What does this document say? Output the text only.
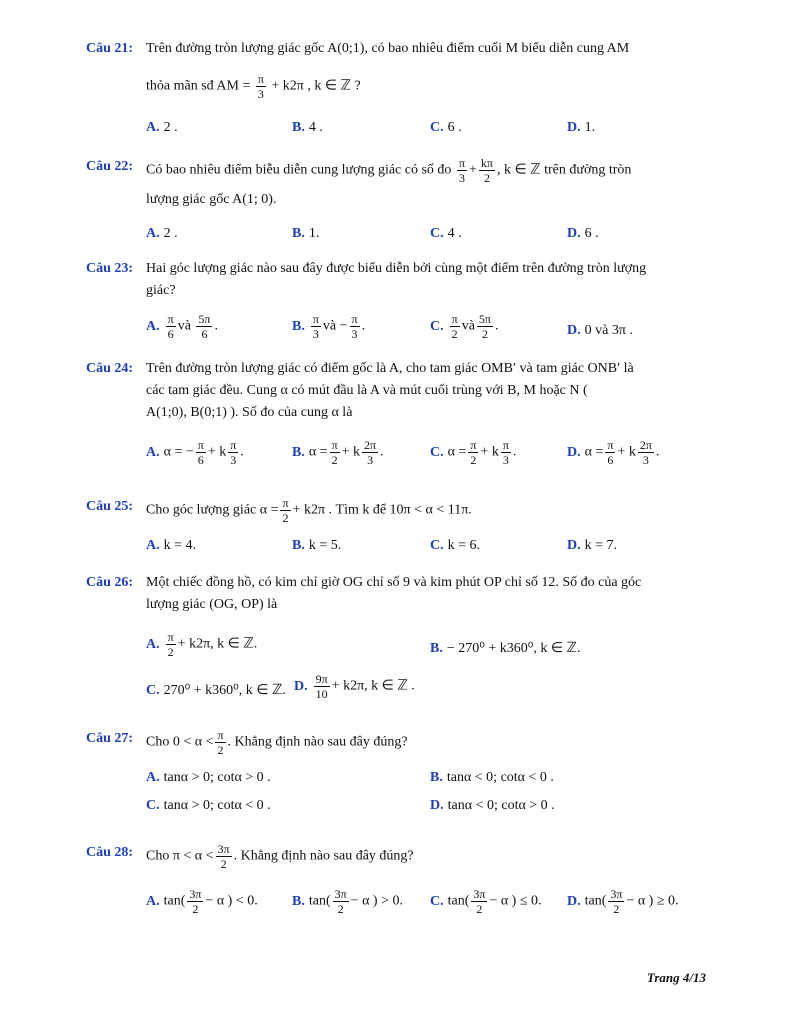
Câu 21: Trên đường tròn lượng giác gốc A(0;1), có bao nhiêu điểm cuối M biểu diễn cung AM
thỏa mãn sđ AM = $\frac{\pi}{3} + k2\pi$ , k ∈ ℤ ?
A. 2 .	B. 4 .	C. 6 .	D. 1.
Câu 22: Có bao nhiêu điểm biễu diễn cung lượng giác có số đo $\frac{\pi}{3} + \frac{k\pi}{2}$ , k ∈ ℤ trên đường tròn
lượng giác gốc A(1; 0).
A. 2 .	B. 1.	C. 4 .	D. 6 .
Câu 23: Hai góc lượng giác nào sau đây được biểu diễn bởi cùng một điểm trên đường tròn lượng
giác?
A. $\frac{\pi}{6}$ và $\frac{5\pi}{6}$ .	B. $\frac{\pi}{3}$ và − $\frac{\pi}{3}$ .	C. $\frac{\pi}{2}$ và $\frac{5\pi}{2}$ .	D. 0 và 3π .
Câu 24: Trên đường tròn lượng giác có điểm gốc là A, cho tam giác OMB′ và tam giác ONB′ là
các tam giác đều. Cung α có mút đầu là A và mút cuối trùng với B, M hoặc N (
A(1;0), B(0;1) ). Số đo của cung α là
A. α = − $\frac{\pi}{6} + k \frac{\pi}{3}$ .	B. $\alpha = \frac{\pi}{2} + k \frac{2\pi}{3}$ .	C. $\alpha = \frac{\pi}{2} + k \frac{\pi}{3}$ .	D. $\alpha = \frac{\pi}{6} + k \frac{2\pi}{3}$ .
Câu 25: Cho góc lượng giác $\alpha = \frac{\pi}{2} + k2\pi$ . Tìm k để 10π < α < 11π.
A. k = 4.	B. k = 5.	C. k = 6.	D. k = 7.
Câu 26: Một chiếc đồng hồ, có kim chỉ giờ OG chỉ số 9 và kim phút OP chỉ số 12. Số đo của góc
lượng giác (OG, OP) là
A. $\frac{\pi}{2} + k2\pi$, k ∈ ℤ.	B. − 270⁰ + k360⁰, k ∈ ℤ.
C. 270⁰ + k360⁰, k ∈ ℤ. D. $\frac{9\pi}{10} + k2\pi$, k ∈ ℤ .
Câu 27: Cho $0 < \alpha < \frac{\pi}{2}$ . Khẳng định nào sau đây đúng?
A. tanα > 0; cotα > 0 .	B. tanα < 0; cotα < 0 .
C. tanα > 0; cotα < 0 .	D. tanα < 0; cotα > 0 .
Câu 28: Cho $\pi < \alpha < \frac{3\pi}{2}$ . Khẳng định nào sau đây đúng?
A. $\tan( \frac{3\pi}{2} - \alpha$ ) < 0. B. $\tan( \frac{3\pi}{2} - \alpha$ ) > 0. C. $\tan( \frac{3\pi}{2} - \alpha$ ) ≤ 0. D. $\tan( \frac{3\pi}{2} - \alpha$ ) ≥ 0.
Trang 4/13
